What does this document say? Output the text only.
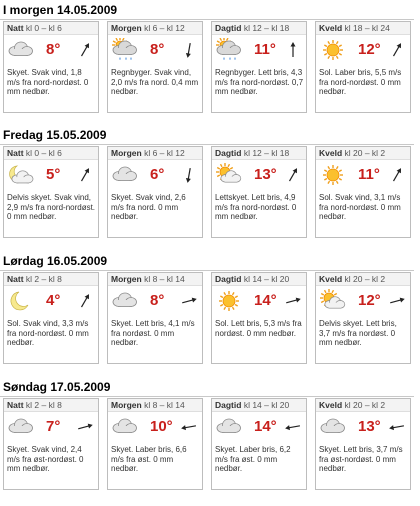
I morgen 14.05.2009
Natt kl 0 – kl 6
8°
Skyet. Svak vind, 1,8 m/s fra nord-nordøst. 0 mm nedbør.
Morgen kl 6 – kl 12
8°
Regnbyger. Svak vind, 2,0 m/s fra nord. 0,4 mm nedbør.
Dagtid kl 12 – kl 18
11°
Regnbyger. Lett bris, 4,3 m/s fra nord-nordøst. 0,7 mm nedbør.
Kveld kl 18 – kl 24
12°
Sol. Laber bris, 5,5 m/s fra nord-nordøst. 0 mm nedbør.
Fredag 15.05.2009
Natt kl 0 – kl 6
5°
Delvis skyet. Svak vind, 2,9 m/s fra nord-nordøst. 0 mm nedbør.
Morgen kl 6 – kl 12
6°
Skyet. Svak vind, 2,6 m/s fra nord. 0 mm nedbør.
Dagtid kl 12 – kl 18
13°
Lettskyet. Lett bris, 4,9 m/s fra nord-nordøst. 0 mm nedbør.
Kveld kl 20 – kl 2
11°
Sol. Svak vind, 3,1 m/s fra nord-nordøst. 0 mm nedbør.
Lørdag 16.05.2009
Natt kl 2 – kl 8
4°
Sol. Svak vind, 3,3 m/s fra nord-nordøst. 0 mm nedbør.
Morgen kl 8 – kl 14
8°
Skyet. Lett bris, 4,1 m/s fra nordøst. 0 mm nedbør.
Dagtid kl 14 – kl 20
14°
Sol. Lett bris, 5,3 m/s fra nordøst. 0 mm nedbør.
Kveld kl 20 – kl 2
12°
Delvis skyet. Lett bris, 3,7 m/s fra nordøst. 0 mm nedbør.
Søndag 17.05.2009
Natt kl 2 – kl 8
7°
Skyet. Svak vind, 2,4 m/s fra øst-nordøst. 0 mm nedbør.
Morgen kl 8 – kl 14
10°
Skyet. Laber bris, 6,6 m/s fra øst. 0 mm nedbør.
Dagtid kl 14 – kl 20
14°
Skyet. Laber bris, 6,2 m/s fra øst. 0 mm nedbør.
Kveld kl 20 – kl 2
13°
Skyet. Lett bris, 3,7 m/s fra øst-nordøst. 0 mm nedbør.
